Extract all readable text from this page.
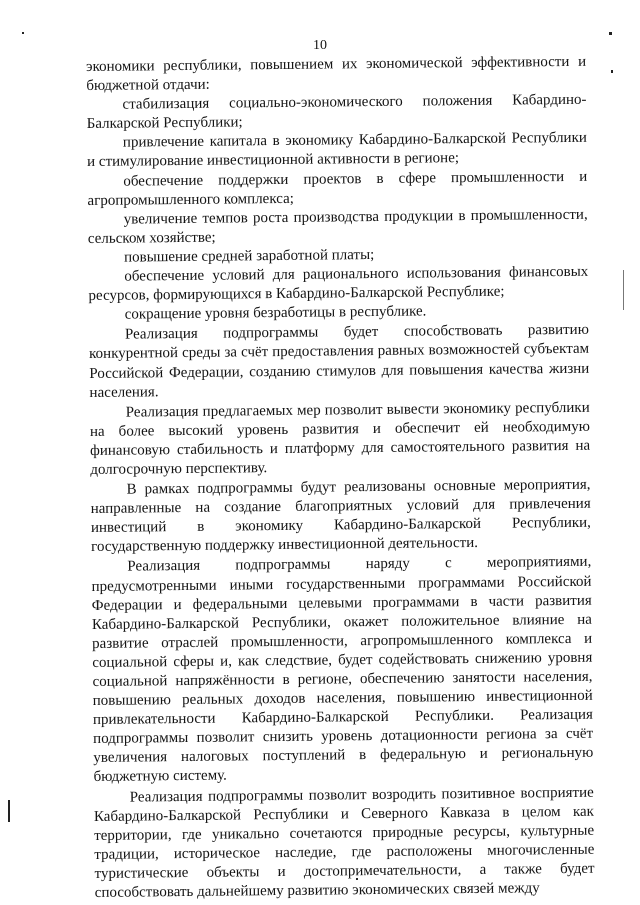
10

экономики республики, повышением их экономической эффективности и бюджетной отдачи:

стабилизация социально-экономического положения Кабардино-Балкарской Республики;

привлечение капитала в экономику Кабардино-Балкарской Республики и стимулирование инвестиционной активности в регионе;

обеспечение поддержки проектов в сфере промышленности и агропромышленного комплекса;

увеличение темпов роста производства продукции в промышленности, сельском хозяйстве;

повышение средней заработной платы;

обеспечение условий для рационального использования финансовых ресурсов, формирующихся в Кабардино-Балкарской Республике;

сокращение уровня безработицы в республике.

Реализация подпрограммы будет способствовать развитию конкурентной среды за счёт предоставления равных возможностей субъектам Российской Федерации, созданию стимулов для повышения качества жизни населения.

Реализация предлагаемых мер позволит вывести экономику республики на более высокий уровень развития и обеспечит ей необходимую финансовую стабильность и платформу для самостоятельного развития на долгосрочную перспективу.

В рамках подпрограммы будут реализованы основные мероприятия, направленные на создание благоприятных условий для привлечения инвестиций в экономику Кабардино-Балкарской Республики, государственную поддержку инвестиционной деятельности.

Реализация подпрограммы наряду с мероприятиями, предусмотренными иными государственными программами Российской Федерации и федеральными целевыми программами в части развития Кабардино-Балкарской Республики, окажет положительное влияние на развитие отраслей промышленности, агропромышленного комплекса и социальной сферы и, как следствие, будет содействовать снижению уровня социальной напряжённости в регионе, обеспечению занятости населения, повышению реальных доходов населения, повышению инвестиционной привлекательности Кабардино-Балкарской Республики. Реализация подпрограммы позволит снизить уровень дотационности региона за счёт увеличения налоговых поступлений в федеральную и региональную бюджетную систему.

Реализация подпрограммы позволит возродить позитивное восприятие Кабардино-Балкарской Республики и Северного Кавказа в целом как территории, где уникально сочетаются природные ресурсы, культурные традиции, историческое наследие, где расположены многочисленные туристические объекты и достопримечательности, а также будет способствовать дальнейшему развитию экономических связей между
